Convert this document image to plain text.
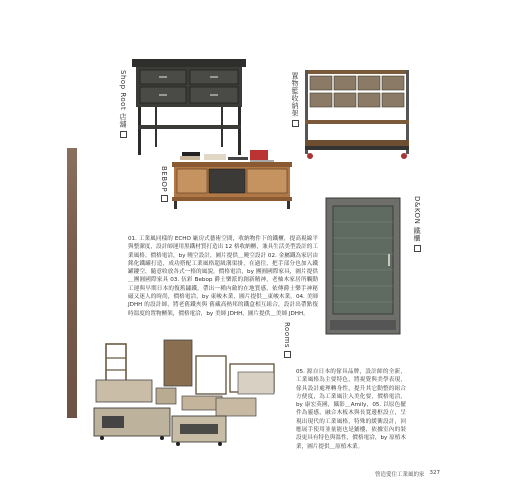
Shop Root 店舖	置物籃收納架
BEBOP
D&KON 鐵櫃

01. 工業風同樣的 ECHO 廠房式藝術空間，收納物件下的鐵櫃，提高視線平與整潔度，設計師運用黑鐵材質打造出 12 格收納櫃，兼具生活美型設計的工業風格。價格電洽，by 曉空設計，圖片提供＿曉空設計 02. 金屬鐵為家居由銘化鐵罐打造，成功搭配工業風格超級溝渠掛，在過往，把手部分也加入鐵罐鏤空，隨意收放各式一格的風貌。價格電洽，by 團圓國際家具，圖片提供＿團圓國際家具 03. 伍彩 Bebop 爵士樂派的創新精神，老柚木家居所觸動工運與早期日本的復舊鏽鐵，帶出一種內斂的在地質感，依傳爵士樂手神秘磁又迷人的時尚，價格電洽，by 東峻木業，圖片提供＿東峻木業。04. 美師 JDHH 的設計師，將老舊鐵夾與 舊藏高熱邦的鐵盒相互組合，設計出帶點復時溫度的置物櫃架，價格電洽，by 美師 JDHH，圖片提供＿美師 JDHH。

Rooms

05. 源自日本的傢具品牌，設計師的全新，工業風格為主要特色，將視覺與美學表現，傢具設計處理轉身性，提升其它動整的組合方便度，為工業風注入美化要，價格電洽，by 康宏英國，攝影＿Amily，05. 以原色擺件為靈感，融合木板木與長寬邊框設立，呈現出現代的工業風格，特殊的緩衝設計，回應展手使用並量能也是鋪樓，依據室內的裝設更具有特色與溫性，價格電洽，by 原植木業，圖片提供＿原植木業。

營造愛住工業風的家 327
